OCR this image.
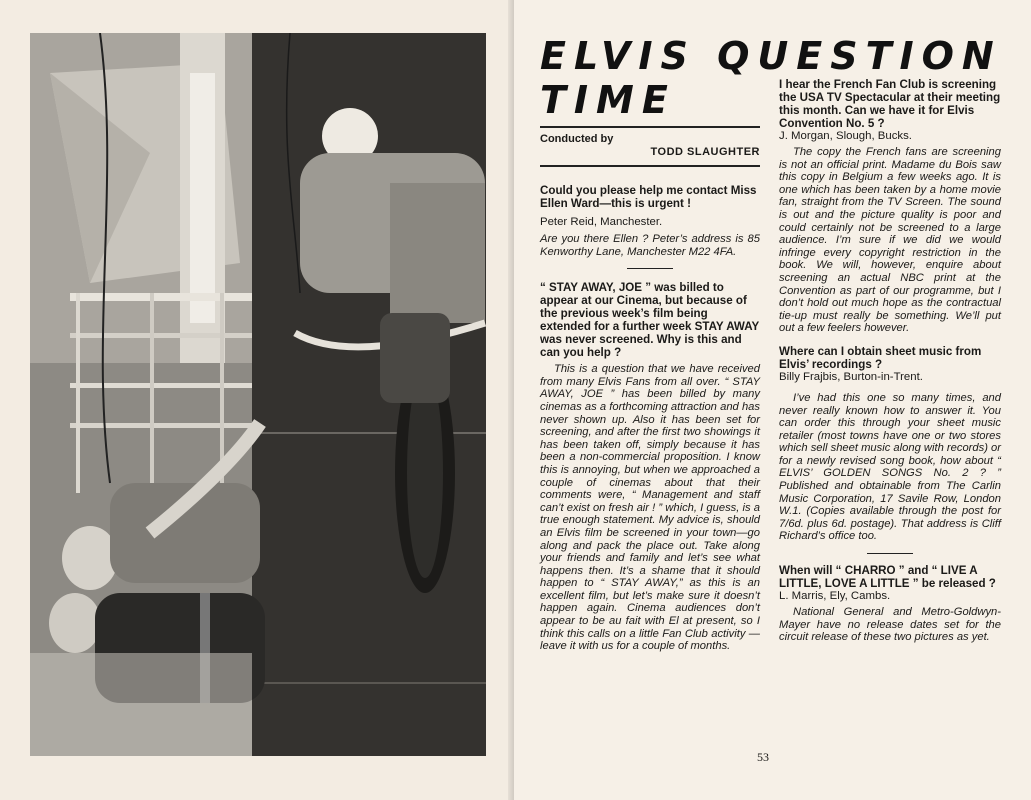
ELVIS QUESTION
TIME

Conducted by

TODD SLAUGHTER

Could you please help me contact Miss Ellen Ward—this is urgent !

Peter Reid, Manchester.

Are you there Ellen ? Peter’s address is 85 Kenworthy Lane, Manchester M22 4FA.

“ STAY AWAY, JOE ” was billed to appear at our Cinema, but because of the previous week’s film being extended for a further week STAY AWAY was never screened. Why is this and can you help ?

This is a question that we have received from many Elvis Fans from all over. “ STAY AWAY, JOE ” has been billed by many cinemas as a forthcoming attraction and has never shown up. Also it has been set for screening, and after the first two showings it has been taken off, simply because it has been a non-commercial proposition. I know this is annoying, but when we approached a couple of cinemas about that their comments were, “ Management and staff can’t exist on fresh air ! ” which, I guess, is a true enough statement. My advice is, should an Elvis film be screened in your town—go along and pack the place out. Take along your friends and family and let’s see what happens then. It’s a shame that it should happen to “ STAY AWAY,” as this is an excellent film, but let’s make sure it doesn’t happen again. Cinema audiences don’t appear to be au fait with El at present, so I think this calls on a little Fan Club activity —leave it with us for a couple of months.

I hear the French Fan Club is screening the USA TV Spectacular at their meeting this month. Can we have it for Elvis Convention No. 5 ?

J. Morgan, Slough, Bucks.

The copy the French fans are screening is not an official print. Madame du Bois saw this copy in Belgium a few weeks ago. It is one which has been taken by a home movie fan, straight from the TV Screen. The sound is out and the picture quality is poor and could certainly not be screened to a large audience. I’m sure if we did we would infringe every copyright restriction in the book. We will, however, enquire about screening an actual NBC print at the Convention as part of our programme, but I don’t hold out much hope as the contractual tie-up must really be something. We’ll put out a few feelers however.

Where can I obtain sheet music from Elvis’ recordings ?

Billy Frajbis, Burton-in-Trent.

I’ve had this one so many times, and never really known how to answer it. You can order this through your sheet music retailer (most towns have one or two stores which sell sheet music along with records) or for a newly revised song book, how about “ ELVIS’ GOLDEN SONGS No. 2 ? ” Published and obtainable from The Carlin Music Corporation, 17 Savile Row, London W.1. (Copies available through the post for 7/6d. plus 6d. postage). That address is Cliff Richard’s office too.

When will “ CHARRO ” and “ LIVE A LITTLE, LOVE A LITTLE ” be released ?

L. Marris, Ely, Cambs.

National General and Metro-Goldwyn-Mayer have no release dates set for the circuit release of these two pictures as yet.

53
